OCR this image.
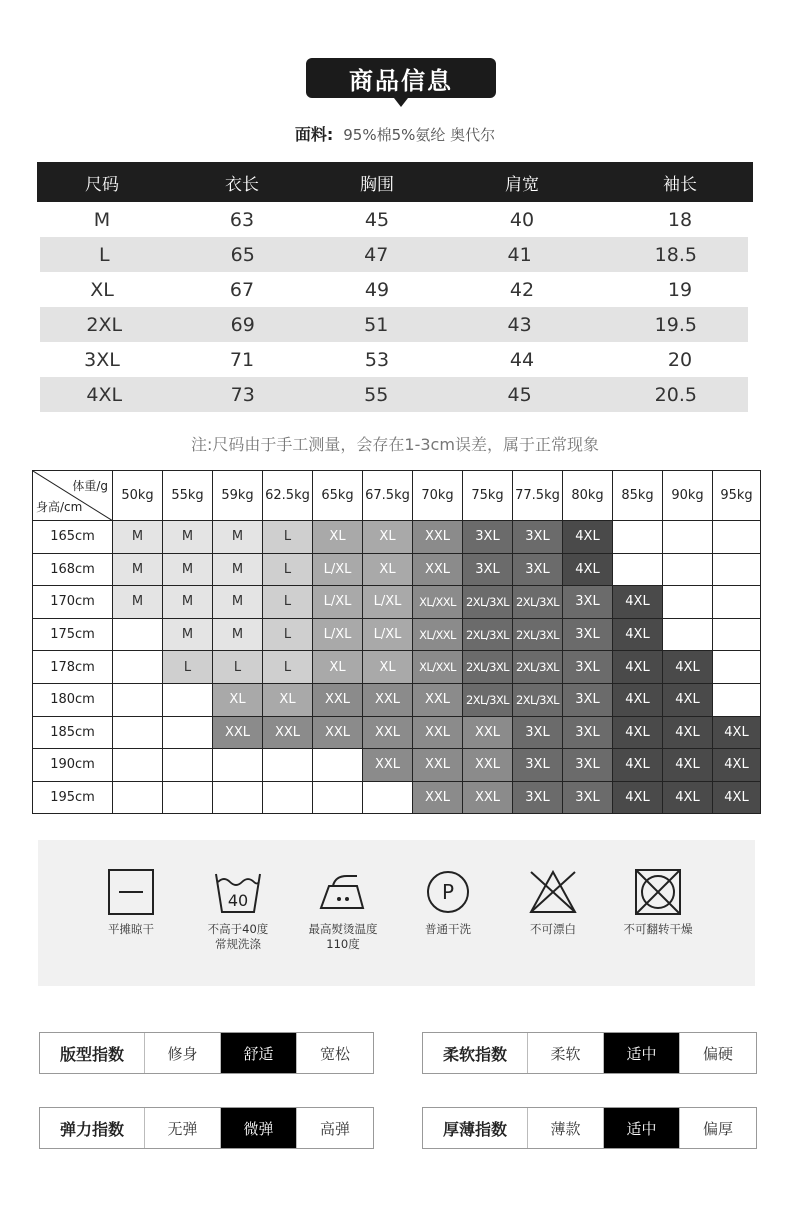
商品信息
面料: 95%棉5%氨纶 奥代尔
尺码	衣长	胸围	肩宽	袖长
M	63	45	40	18
L	65	47	41	18.5
XL	67	49	42	19
2XL	69	51	43	19.5
3XL	71	53	44	20
4XL	73	55	45	20.5
注:尺码由于手工测量，会存在1-3cm误差，属于正常现象
体重/g
身高/cm	50kg	55kg	59kg	62.5kg	65kg	67.5kg	70kg	75kg	77.5kg	80kg	85kg	90kg	95kg
165cm	M	M	M	L	XL	XL	XXL	3XL	3XL	4XL			
168cm	M	M	M	L	L/XL	XL	XXL	3XL	3XL	4XL			
170cm	M	M	M	L	L/XL	L/XL	XL/XXL	2XL/3XL	2XL/3XL	3XL	4XL		
175cm		M	M	L	L/XL	L/XL	XL/XXL	2XL/3XL	2XL/3XL	3XL	4XL		
178cm		L	L	L	XL	XL	XL/XXL	2XL/3XL	2XL/3XL	3XL	4XL	4XL	
180cm			XL	XL	XXL	XXL	XXL	2XL/3XL	2XL/3XL	3XL	4XL	4XL	
185cm			XXL	XXL	XXL	XXL	XXL	XXL	3XL	3XL	4XL	4XL	4XL
190cm						XXL	XXL	XXL	3XL	3XL	4XL	4XL	4XL
195cm							XXL	XXL	3XL	3XL	4XL	4XL	4XL
平摊晾干
40
不高于40度
常规洗涤
最高熨烫温度
110度
P
普通干洗	不可漂白	不可翻转干燥
版型指数	修身	舒适	宽松	柔软指数	柔软	适中	偏硬
弹力指数	无弹	微弹	高弹	厚薄指数	薄款	适中	偏厚
